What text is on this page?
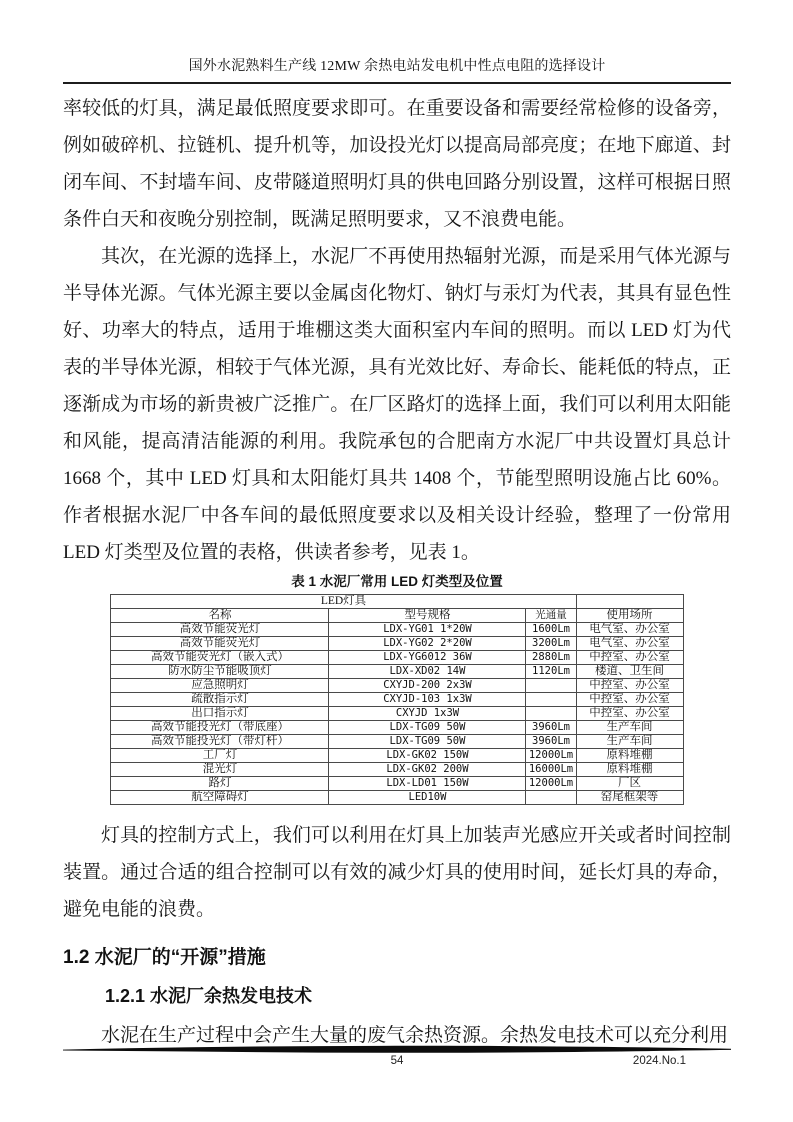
国外水泥熟料生产线 12MW 余热电站发电机中性点电阻的选择设计

率较低的灯具，满足最低照度要求即可。在重要设备和需要经常检修的设备旁，例如破碎机、拉链机、提升机等，加设投光灯以提高局部亮度；在地下廊道、封闭车间、不封墙车间、皮带隧道照明灯具的供电回路分别设置，这样可根据日照条件白天和夜晚分别控制，既满足照明要求，又不浪费电能。

其次，在光源的选择上，水泥厂不再使用热辐射光源，而是采用气体光源与半导体光源。气体光源主要以金属卤化物灯、钠灯与汞灯为代表，其具有显色性好、功率大的特点，适用于堆棚这类大面积室内车间的照明。而以 LED 灯为代表的半导体光源，相较于气体光源，具有光效比好、寿命长、能耗低的特点，正逐渐成为市场的新贵被广泛推广。在厂区路灯的选择上面，我们可以利用太阳能和风能，提高清洁能源的利用。我院承包的合肥南方水泥厂中共设置灯具总计 1668 个，其中 LED 灯具和太阳能灯具共 1408 个，节能型照明设施占比 60%。作者根据水泥厂中各车间的最低照度要求以及相关设计经验，整理了一份常用 LED 灯类型及位置的表格，供读者参考，见表 1。

表 1 水泥厂常用 LED 灯类型及位置
LED灯具			
名称	型号规格	光通量	使用场所
高效节能荧光灯	LDX-YG01 1*20W	1600Lm	电气室、办公室
高效节能荧光灯	LDX-YG02 2*20W	3200Lm	电气室、办公室
高效节能荧光灯（嵌入式）	LDX-YG6012 36W	2880Lm	中控室、办公室
防水防尘节能吸顶灯	LDX-XD02 14W	1120Lm	楼道、卫生间
应急照明灯	CXYJD-200 2x3W		中控室、办公室
疏散指示灯	CXYJD-103 1x3W		中控室、办公室
出口指示灯	CXYJD 1x3W		中控室、办公室
高效节能投光灯（带底座）	LDX-TG09 50W	3960Lm	生产车间
高效节能投光灯（带灯杆）	LDX-TG09 50W	3960Lm	生产车间
工厂灯	LDX-GK02 150W	12000Lm	原料堆棚
混光灯	LDX-GK02 200W	16000Lm	原料堆棚
路灯	LDX-LD01 150W	12000Lm	厂区
航空障碍灯	LED10W		窑尾框架等

灯具的控制方式上，我们可以利用在灯具上加装声光感应开关或者时间控制装置。通过合适的组合控制可以有效的减少灯具的使用时间，延长灯具的寿命，避免电能的浪费。

1.2 水泥厂的“开源”措施
1.2.1 水泥厂余热发电技术

水泥在生产过程中会产生大量的废气余热资源。余热发电技术可以充分利用

54	2024.No.1
